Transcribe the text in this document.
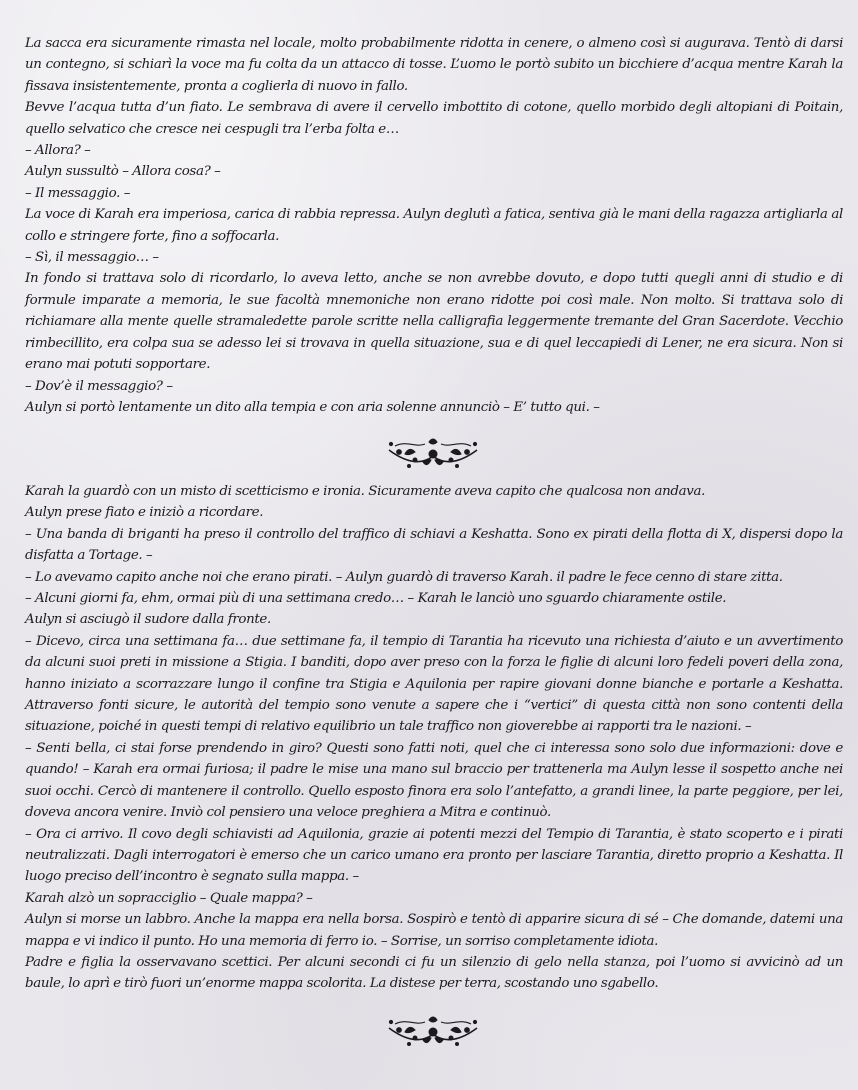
La sacca era sicuramente rimasta nel locale, molto probabilmente ridotta in cenere, o almeno così si augurava. Tentò di darsi un contegno, si schiarì la voce ma fu colta da un attacco di tosse. L’uomo le portò subito un bicchiere d’acqua mentre Karah la fissava insistentemente, pronta a coglierla di nuovo in fallo.

Bevve l’acqua tutta d’un fiato. Le sembrava di avere il cervello imbottito di cotone, quello morbido degli altopiani di Poitain, quello selvatico che cresce nei cespugli tra l’erba folta e…

– Allora? –

Aulyn sussultò – Allora cosa? –

– Il messaggio. –

La voce di Karah era imperiosa, carica di rabbia repressa. Aulyn deglutì a fatica, sentiva già le mani della ragazza artigliarla al collo e stringere forte, fino a soffocarla.

– Sì, il messaggio… –

In fondo si trattava solo di ricordarlo, lo aveva letto, anche se non avrebbe dovuto, e dopo tutti quegli anni di studio e di formule imparate a memoria, le sue facoltà mnemoniche non erano ridotte poi così male. Non molto. Si trattava solo di richiamare alla mente quelle stramaledette parole scritte nella calligrafia leggermente tremante del Gran Sacerdote. Vecchio rimbecillito, era colpa sua se adesso lei si trovava in quella situazione, sua e di quel leccapiedi di Lener, ne era sicura. Non si erano mai potuti sopportare.

– Dov’è il messaggio? –

Aulyn si portò lentamente un dito alla tempia e con aria solenne annunciò – E’ tutto qui. –

Karah la guardò con un misto di scetticismo e ironia. Sicuramente aveva capito che qualcosa non andava.

Aulyn prese fiato e iniziò a ricordare.

– Una banda di briganti ha preso il controllo del traffico di schiavi a Keshatta. Sono ex pirati della flotta di X, dispersi dopo la disfatta a Tortage. –

– Lo avevamo capito anche noi che erano pirati. – Aulyn guardò di traverso Karah. il padre le fece cenno di stare zitta.

– Alcuni giorni fa, ehm, ormai più di una settimana credo… – Karah le lanciò uno sguardo chiaramente ostile.

Aulyn si asciugò il sudore dalla fronte.

– Dicevo, circa una settimana fa… due settimane fa, il tempio di Tarantia ha ricevuto una richiesta d’aiuto e un avvertimento da alcuni suoi preti in missione a Stigia. I banditi, dopo aver preso con la forza le figlie di alcuni loro fedeli poveri della zona, hanno iniziato a scorrazzare lungo il confine tra Stigia e Aquilonia per rapire giovani donne bianche e portarle a Keshatta. Attraverso fonti sicure, le autorità del tempio sono venute a sapere che i “vertici” di questa città non sono contenti della situazione, poiché in questi tempi di relativo equilibrio un tale traffico non gioverebbe ai rapporti tra le nazioni. –

– Senti bella, ci stai forse prendendo in giro? Questi sono fatti noti, quel che ci interessa sono solo due informazioni: dove e quando! – Karah era ormai furiosa; il padre le mise una mano sul braccio per trattenerla ma Aulyn lesse il sospetto anche nei suoi occhi. Cercò di mantenere il controllo. Quello esposto finora era solo l’antefatto, a grandi linee, la parte peggiore, per lei, doveva ancora venire. Inviò col pensiero una veloce preghiera a Mitra e continuò.

– Ora ci arrivo. Il covo degli schiavisti ad Aquilonia, grazie ai potenti mezzi del Tempio di Tarantia, è stato scoperto e i pirati neutralizzati. Dagli interrogatori è emerso che un carico umano era pronto per lasciare Tarantia, diretto proprio a Keshatta. Il luogo preciso dell’incontro è segnato sulla mappa. –

Karah alzò un sopracciglio – Quale mappa? –

Aulyn si morse un labbro. Anche la mappa era nella borsa. Sospirò e tentò di apparire sicura di sé – Che domande, datemi una mappa e vi indico il punto. Ho una memoria di ferro io. – Sorrise, un sorriso completamente idiota.

Padre e figlia la osservavano scettici. Per alcuni secondi ci fu un silenzio di gelo nella stanza, poi l’uomo si avvicinò ad un baule, lo aprì e tirò fuori un’enorme mappa scolorita. La distese per terra, scostando uno sgabello.
